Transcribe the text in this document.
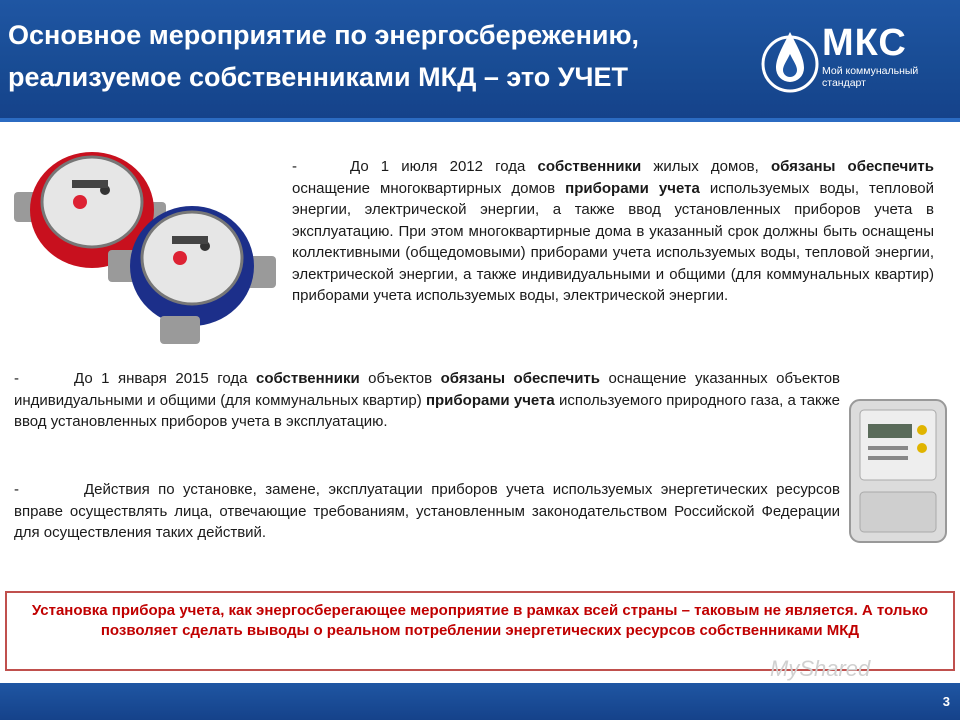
Основное мероприятие по энергосбережению,
реализуемое собственниками МКД – это УЧЕТ
МКС
Мой коммунальный стандарт

-	До 1 июля 2012 года собственники жилых домов, обязаны обеспечить оснащение многоквартирных домов приборами учета используемых воды, тепловой энергии, электрической энергии, а также ввод установленных приборов учета в эксплуатацию. При этом многоквартирные дома в указанный срок должны быть оснащены коллективными (общедомовыми) приборами учета используемых воды, тепловой энергии, электрической энергии, а также индивидуальными и общими (для коммунальных квартир) приборами учета используемых воды, электрической энергии.

-	До 1 января 2015 года собственники объектов обязаны обеспечить оснащение указанных объектов индивидуальными и общими (для коммунальных квартир) приборами учета используемого природного газа, а также ввод установленных приборов учета в эксплуатацию.

-	Действия по установке, замене, эксплуатации приборов учета используемых энергетических ресурсов вправе осуществлять лица, отвечающие требованиям, установленным законодательством Российской Федерации для осуществления таких действий.

Установка прибора учета, как энергосберегающее мероприятие в рамках всей страны – таковым не является. А только позволяет сделать выводы о реальном потреблении энергетических ресурсов собственниками МКД
MyShared
3
